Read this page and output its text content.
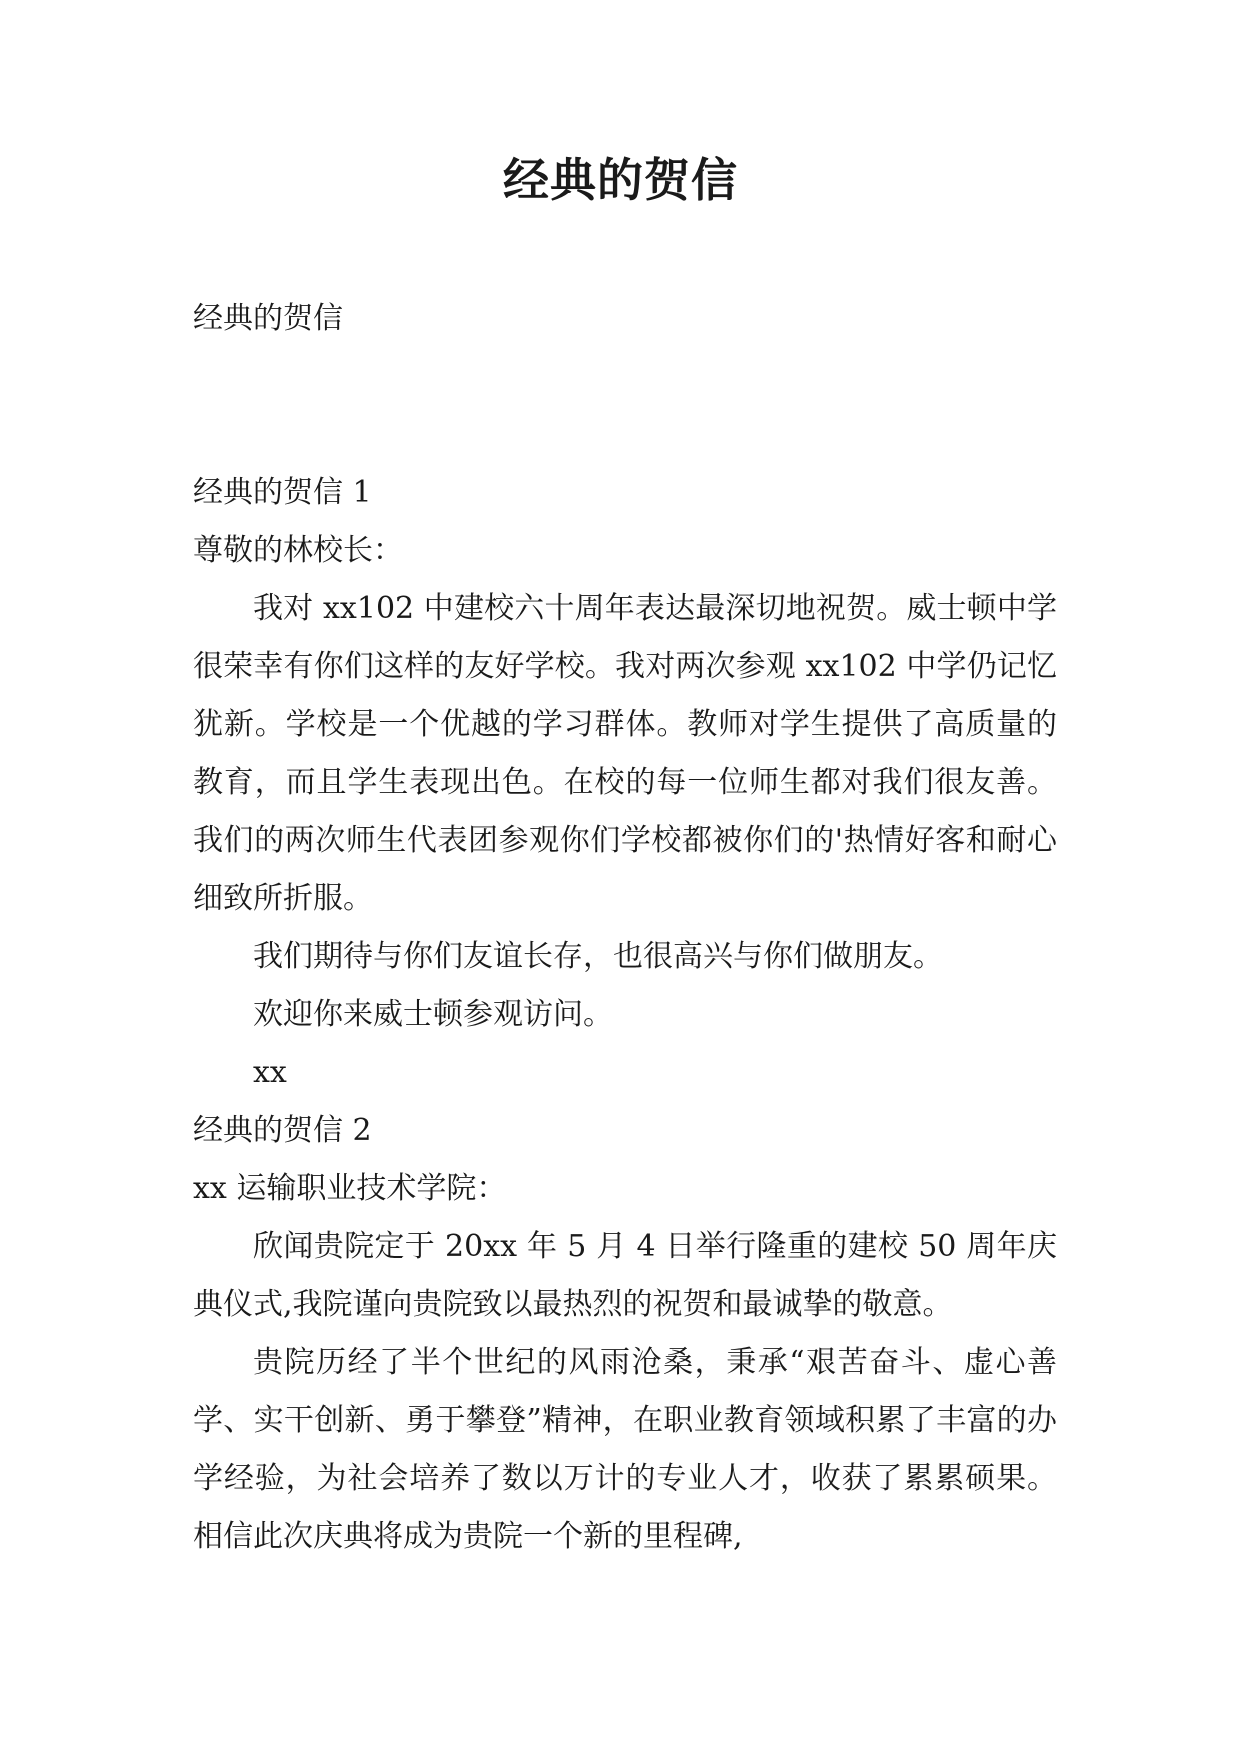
经典的贺信

经典的贺信

经典的贺信 1

尊敬的林校长：

我对 xx102 中建校六十周年表达最深切地祝贺。威士顿中学很荣幸有你们这样的友好学校。我对两次参观 xx102 中学仍记忆犹新。学校是一个优越的学习群体。教师对学生提供了高质量的教育，而且学生表现出色。在校的每一位师生都对我们很友善。我们的两次师生代表团参观你们学校都被你们的'热情好客和耐心细致所折服。

我们期待与你们友谊长存，也很高兴与你们做朋友。

欢迎你来威士顿参观访问。

xx

经典的贺信 2

xx 运输职业技术学院：

欣闻贵院定于 20xx 年 5 月 4 日举行隆重的建校 50 周年庆典仪式,我院谨向贵院致以最热烈的祝贺和最诚挚的敬意。

贵院历经了半个世纪的风雨沧桑，秉承“艰苦奋斗、虚心善学、实干创新、勇于攀登”精神，在职业教育领域积累了丰富的办学经验，为社会培养了数以万计的专业人才，收获了累累硕果。相信此次庆典将成为贵院一个新的里程碑,
